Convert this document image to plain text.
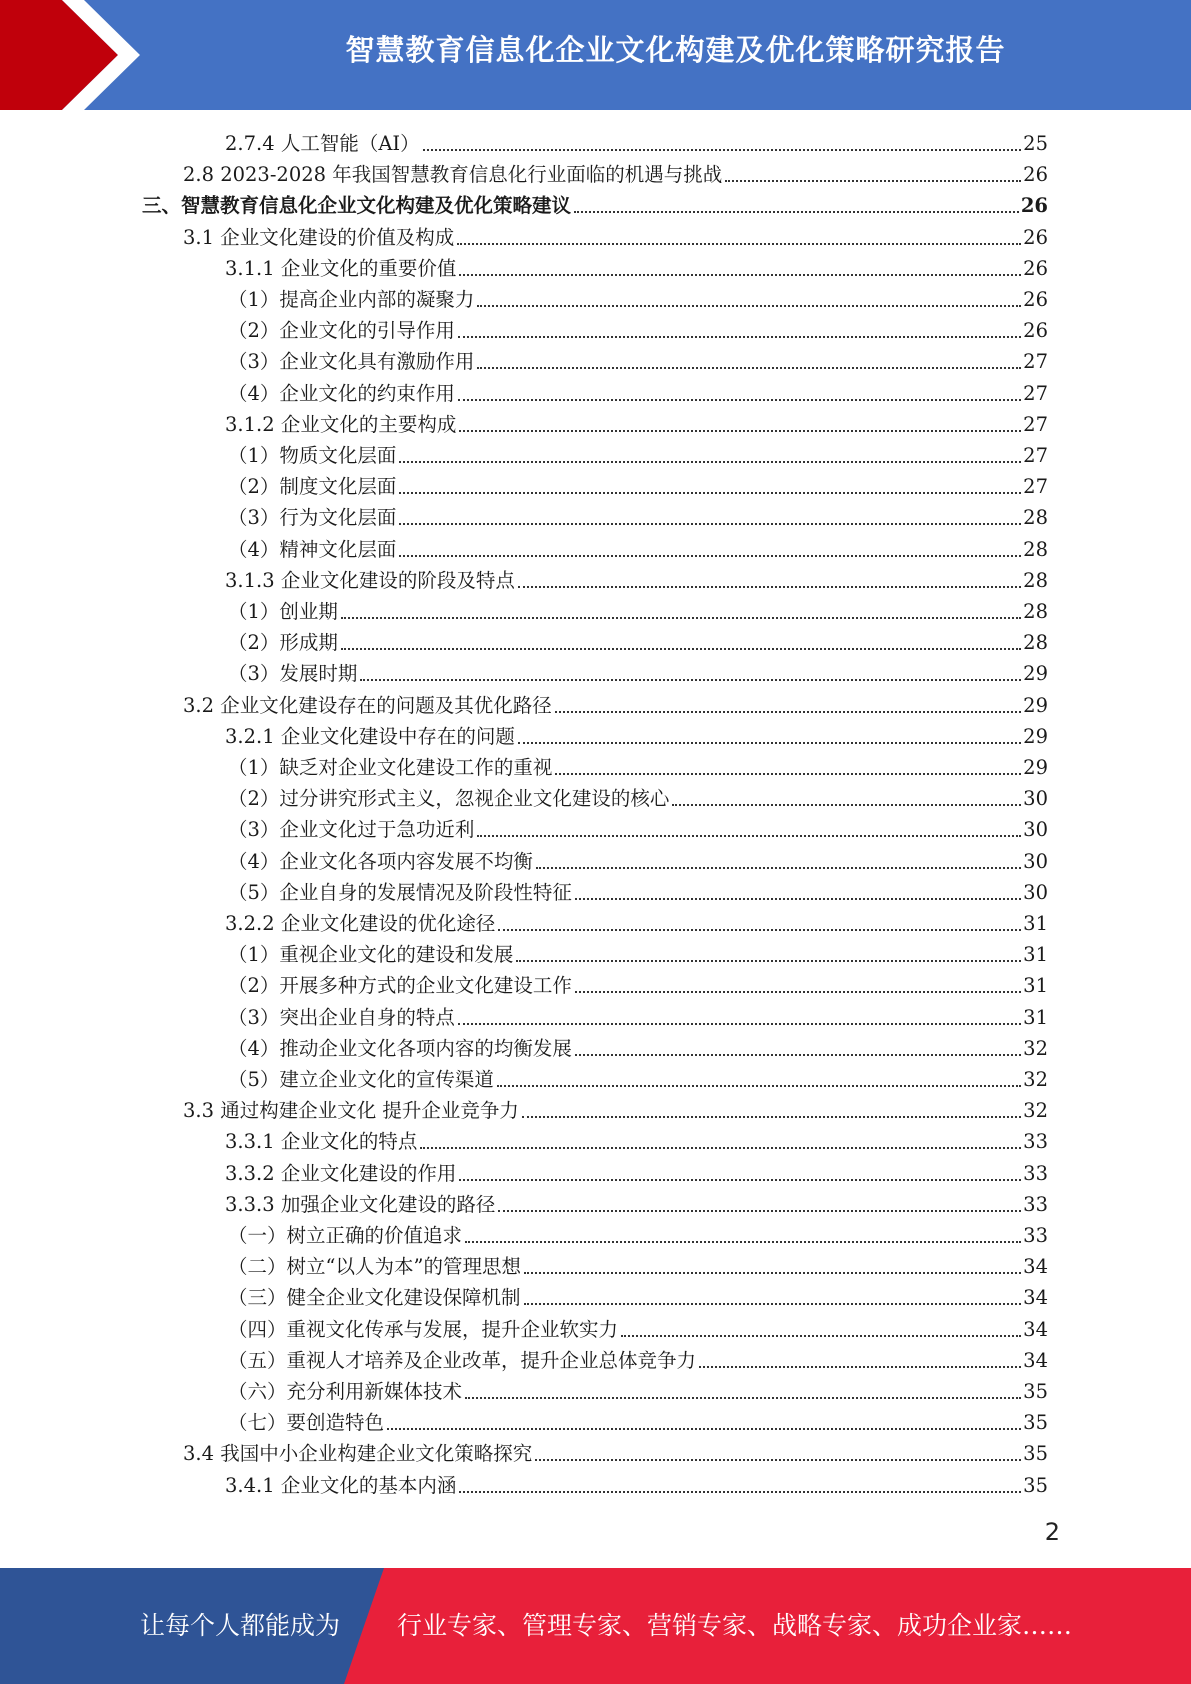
智慧教育信息化企业文化构建及优化策略研究报告
2.7.4 人工智能（AI）	25
2.8 2023-2028 年我国智慧教育信息化行业面临的机遇与挑战	26
三、智慧教育信息化企业文化构建及优化策略建议	26
3.1 企业文化建设的价值及构成	26
3.1.1 企业文化的重要价值	26
（1）提高企业内部的凝聚力	26
（2）企业文化的引导作用	26
（3）企业文化具有激励作用	27
（4）企业文化的约束作用	27
3.1.2 企业文化的主要构成	27
（1）物质文化层面	27
（2）制度文化层面	27
（3）行为文化层面	28
（4）精神文化层面	28
3.1.3 企业文化建设的阶段及特点	28
（1）创业期	28
（2）形成期	28
（3）发展时期	29
3.2 企业文化建设存在的问题及其优化路径	29
3.2.1 企业文化建设中存在的问题	29
（1）缺乏对企业文化建设工作的重视	29
（2）过分讲究形式主义，忽视企业文化建设的核心	30
（3）企业文化过于急功近利	30
（4）企业文化各项内容发展不均衡	30
（5）企业自身的发展情况及阶段性特征	30
3.2.2 企业文化建设的优化途径	31
（1）重视企业文化的建设和发展	31
（2）开展多种方式的企业文化建设工作	31
（3）突出企业自身的特点	31
（4）推动企业文化各项内容的均衡发展	32
（5）建立企业文化的宣传渠道	32
3.3 通过构建企业文化 提升企业竞争力	32
3.3.1 企业文化的特点	33
3.3.2 企业文化建设的作用	33
3.3.3 加强企业文化建设的路径	33
（一）树立正确的价值追求	33
（二）树立“以人为本”的管理思想	34
（三）健全企业文化建设保障机制	34
（四）重视文化传承与发展，提升企业软实力	34
（五）重视人才培养及企业改革，提升企业总体竞争力	34
（六）充分利用新媒体技术	35
（七）要创造特色	35
3.4 我国中小企业构建企业文化策略探究	35
3.4.1 企业文化的基本内涵	35
2
让每个人都能成为 行业专家、管理专家、营销专家、战略专家、成功企业家……
